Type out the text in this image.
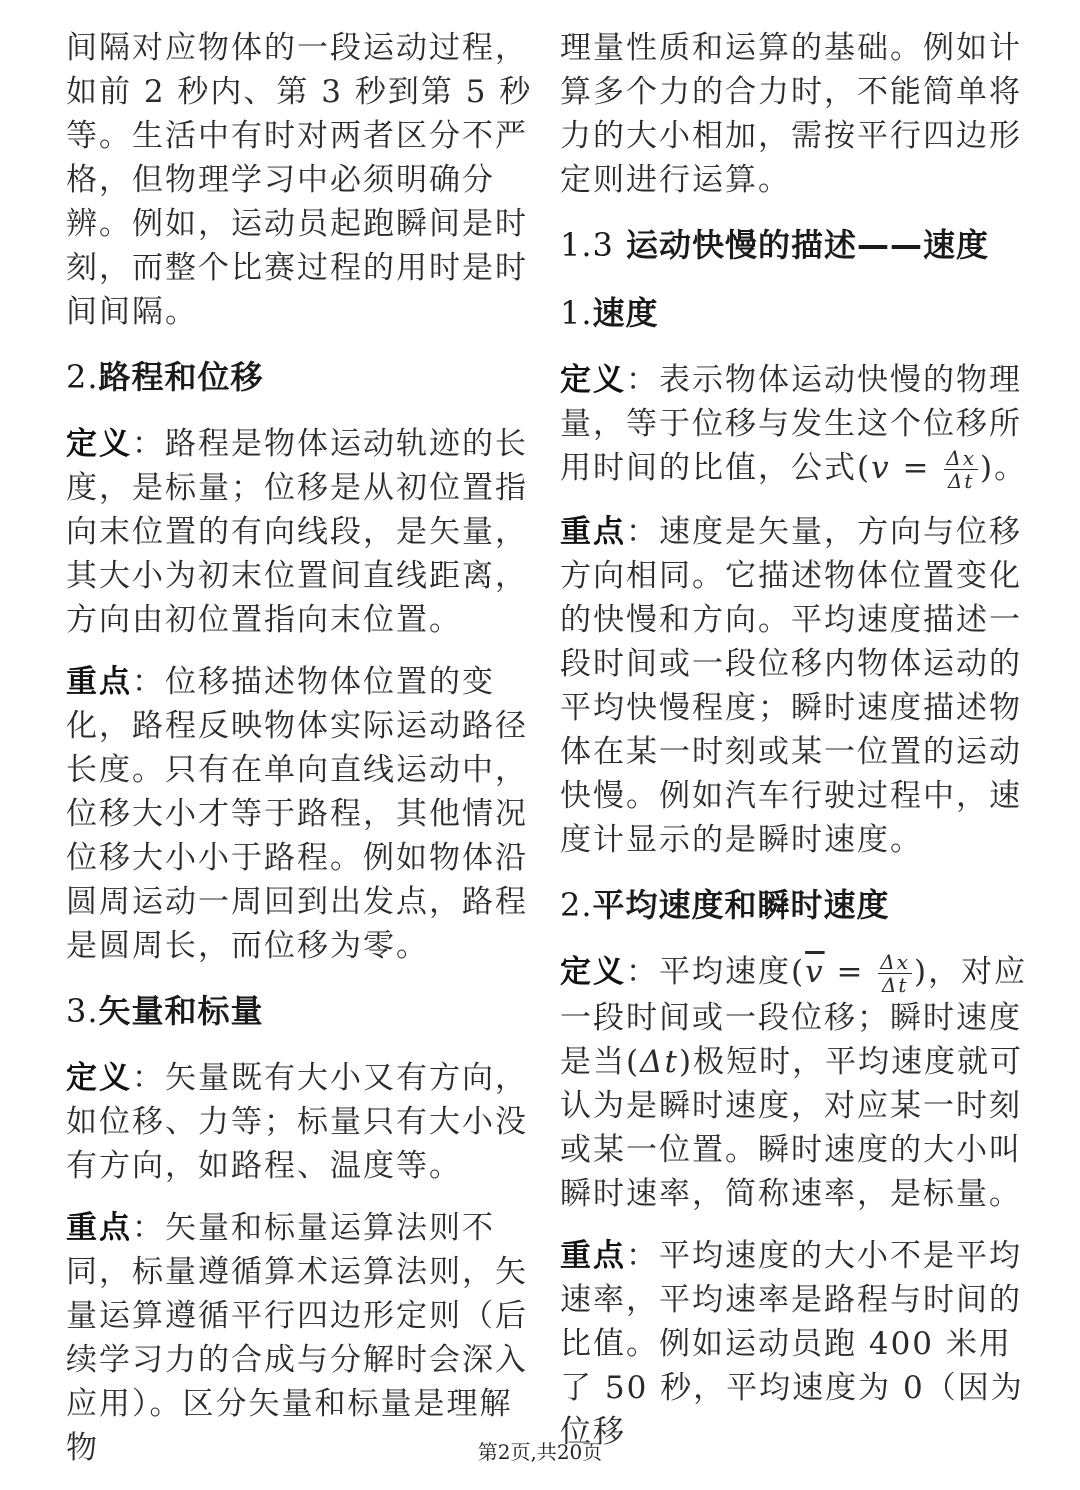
间隔对应物体的一段运动过程，如前 2 秒内、第 3 秒到第 5 秒等。生活中有时对两者区分不严格，但物理学习中必须明确分辨。例如，运动员起跑瞬间是时刻，而整个比赛过程的用时是时间间隔。

2.路程和位移

定义：路程是物体运动轨迹的长度，是标量；位移是从初位置指向末位置的有向线段，是矢量，其大小为初末位置间直线距离，方向由初位置指向末位置。

重点：位移描述物体位置的变化，路程反映物体实际运动路径长度。只有在单向直线运动中，位移大小才等于路程，其他情况位移大小小于路程。例如物体沿圆周运动一周回到出发点，路程是圆周长，而位移为零。

3.矢量和标量

定义：矢量既有大小又有方向，如位移、力等；标量只有大小没有方向，如路程、温度等。

重点：矢量和标量运算法则不同，标量遵循算术运算法则，矢量运算遵循平行四边形定则（后续学习力的合成与分解时会深入应用）。区分矢量和标量是理解物

理量性质和运算的基础。例如计算多个力的合力时，不能简单将力的大小相加，需按平行四边形定则进行运算。

1.3 运动快慢的描述——速度
1.速度

定义：表示物体运动快慢的物理量，等于位移与发生这个位移所用时间的比值，公式($v = \frac{\Delta x}{\Delta t}$ )。

重点：速度是矢量，方向与位移方向相同。它描述物体位置变化的快慢和方向。平均速度描述一段时间或一段位移内物体运动的平均快慢程度；瞬时速度描述物体在某一时刻或某一位置的运动快慢。例如汽车行驶过程中，速度计显示的是瞬时速度。

2.平均速度和瞬时速度

定义：平均速度($\overline{v} = \frac{\Delta x}{\Delta t}$ )，对应一段时间或一段位移；瞬时速度是当(Δt)极短时，平均速度就可认为是瞬时速度，对应某一时刻或某一位置。瞬时速度的大小叫瞬时速率，简称速率，是标量。

重点：平均速度的大小不是平均速率，平均速率是路程与时间的比值。例如运动员跑 400 米用了 50 秒，平均速度为 0（因为位移

第2页,共20页
